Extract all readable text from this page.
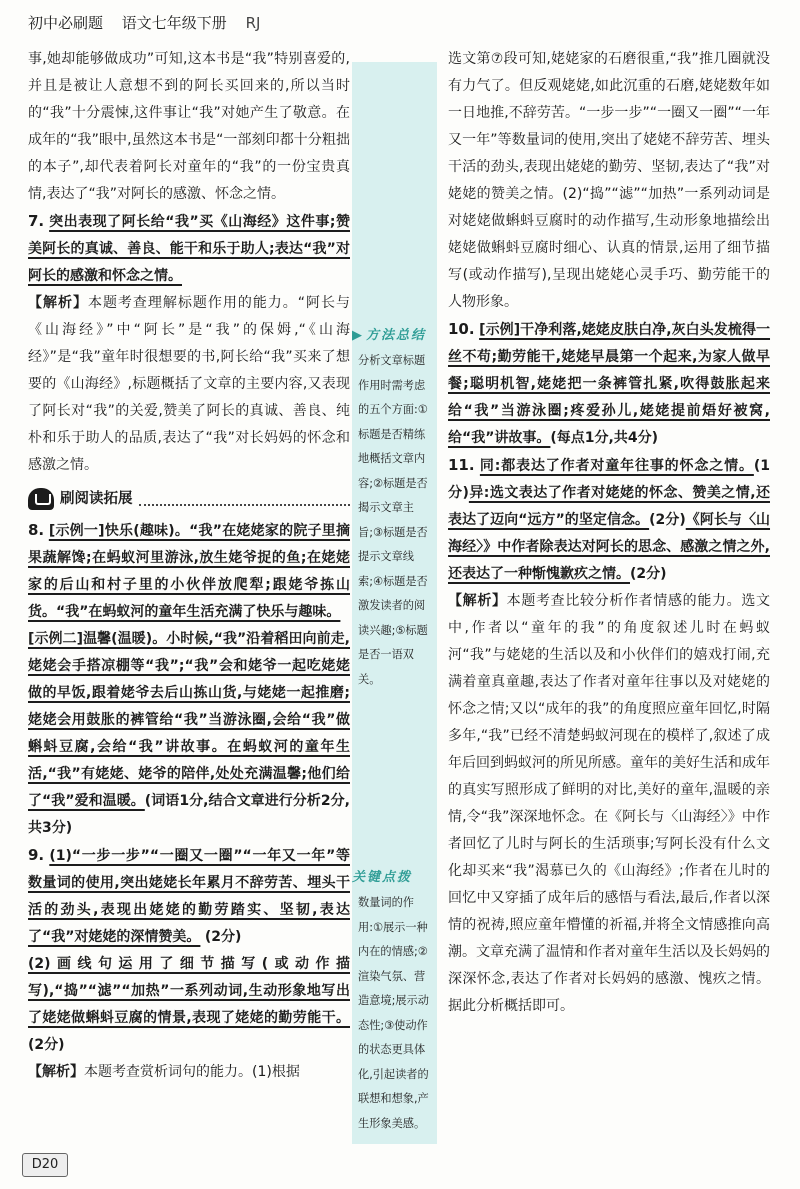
初中必刷题 语文七年级下册 RJ

事,她却能够做成功”可知,这本书是“我”特别喜爱的,并且是被让人意想不到的阿长买回来的,所以当时的“我”十分震悚,这件事让“我”对她产生了敬意。在成年的“我”眼中,虽然这本书是“一部刻印都十分粗拙的本子”,却代表着阿长对童年的“我”的一份宝贵真情,表达了“我”对阿长的感激、怀念之情。

7. 突出表现了阿长给“我”买《山海经》这件事;赞美阿长的真诚、善良、能干和乐于助人;表达“我”对阿长的感激和怀念之情。

【解析】本题考查理解标题作用的能力。“阿长与《山海经》”中“阿长”是“我”的保姆,“《山海经》”是“我”童年时很想要的书,阿长给“我”买来了想要的《山海经》,标题概括了文章的主要内容,又表现了阿长对“我”的关爱,赞美了阿长的真诚、善良、纯朴和乐于助人的品质,表达了“我”对长妈妈的怀念和感激之情。

刷阅读拓展

8. [示例一]快乐(趣味)。“我”在姥姥家的院子里摘果蔬解馋;在蚂蚁河里游泳,放生姥爷捉的鱼;在姥姥家的后山和村子里的小伙伴放爬犁;跟姥爷拣山货。“我”在蚂蚁河的童年生活充满了快乐与趣味。

[示例二]温馨(温暖)。小时候,“我”沿着稻田向前走,姥姥会手搭凉棚等“我”;“我”会和姥爷一起吃姥姥做的早饭,跟着姥爷去后山拣山货,与姥姥一起推磨;姥姥会用鼓胀的裤管给“我”当游泳圈,会给“我”做蝌蚪豆腐,会给“我”讲故事。在蚂蚁河的童年生活,“我”有姥姥、姥爷的陪伴,处处充满温馨;他们给了“我”爱和温暖。(词语1分,结合文章进行分析2分,共3分)

9. (1)“一步一步”“一圈又一圈”“一年又一年”等数量词的使用,突出姥姥长年累月不辞劳苦、埋头干活的劲头,表现出姥姥的勤劳踏实、坚韧,表达了“我”对姥姥的深情赞美。 (2分)

(2)画线句运用了细节描写(或动作描写),“捣”“滤”“加热”一系列动词,生动形象地写出了姥姥做蝌蚪豆腐的情景,表现了姥姥的勤劳能干。(2分)

【解析】本题考查赏析词句的能力。(1)根据

▶ 方法总结
分析文章标题作用时需考虑的五个方面:①标题是否精练地概括文章内容;②标题是否揭示文章主旨;③标题是否提示文章线索;④标题是否激发读者的阅读兴趣;⑤标题是否一语双关。
关键点拨
数量词的作用:①展示一种内在的情感;②渲染气氛、营造意境;展示动态性;③使动作的状态更具体化,引起读者的联想和想象,产生形象美感。

选文第⑦段可知,姥姥家的石磨很重,“我”推几圈就没有力气了。但反观姥姥,如此沉重的石磨,姥姥数年如一日地推,不辞劳苦。“一步一步”“一圈又一圈”“一年又一年”等数量词的使用,突出了姥姥不辞劳苦、埋头干活的劲头,表现出姥姥的勤劳、坚韧,表达了“我”对姥姥的赞美之情。(2)“捣”“滤”“加热”一系列动词是对姥姥做蝌蚪豆腐时的动作描写,生动形象地描绘出姥姥做蝌蚪豆腐时细心、认真的情景,运用了细节描写(或动作描写),呈现出姥姥心灵手巧、勤劳能干的人物形象。

10. [示例]干净利落,姥姥皮肤白净,灰白头发梳得一丝不苟;勤劳能干,姥姥早晨第一个起来,为家人做早餐;聪明机智,姥姥把一条裤管扎紧,吹得鼓胀起来给“我”当游泳圈;疼爱孙儿,姥姥提前焐好被窝,给“我”讲故事。(每点1分,共4分)

11. 同:都表达了作者对童年往事的怀念之情。(1分)异:选文表达了作者对姥姥的怀念、赞美之情,还表达了迈向“远方”的坚定信念。(2分)《阿长与〈山海经〉》中作者除表达对阿长的思念、感激之情之外,还表达了一种惭愧歉疚之情。(2分)

【解析】本题考查比较分析作者情感的能力。选文中,作者以“童年的我”的角度叙述儿时在蚂蚁河“我”与姥姥的生活以及和小伙伴们的嬉戏打闹,充满着童真童趣,表达了作者对童年往事以及对姥姥的怀念之情;又以“成年的我”的角度照应童年回忆,时隔多年,“我”已经不清楚蚂蚁河现在的模样了,叙述了成年后回到蚂蚁河的所见所感。童年的美好生活和成年的真实写照形成了鲜明的对比,美好的童年,温暖的亲情,令“我”深深地怀念。在《阿长与〈山海经〉》中作者回忆了儿时与阿长的生活琐事;写阿长没有什么文化却买来“我”渴慕已久的《山海经》;作者在儿时的回忆中又穿插了成年后的感悟与看法,最后,作者以深情的祝祷,照应童年懵懂的祈福,并将全文情感推向高潮。文章充满了温情和作者对童年生活以及长妈妈的深深怀念,表达了作者对长妈妈的感激、愧疚之情。据此分析概括即可。

D20
